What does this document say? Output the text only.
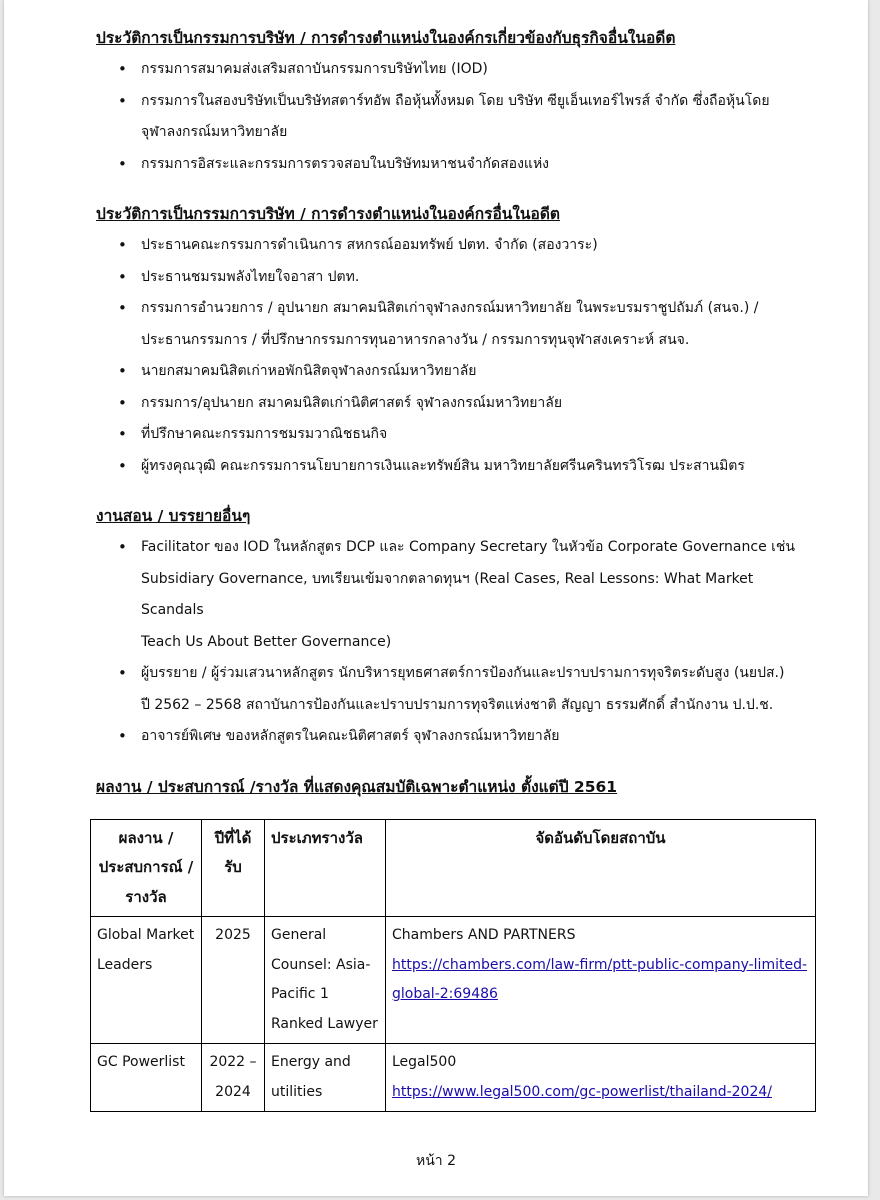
ประวัติการเป็นกรรมการบริษัท / การดำรงตำแหน่งในองค์กรเกี่ยวข้องกับธุรกิจอื่นในอดีต
• กรรมการสมาคมส่งเสริมสถาบันกรรมการบริษัทไทย (IOD)
• กรรมการในสองบริษัทเป็นบริษัทสตาร์ทอัพ ถือหุ้นทั้งหมด โดย บริษัท ซียูเอ็นเทอร์ไพรส์ จำกัด ซึ่งถือหุ้นโดย
จุฬาลงกรณ์มหาวิทยาลัย
• กรรมการอิสระและกรรมการตรวจสอบในบริษัทมหาชนจำกัดสองแห่ง
ประวัติการเป็นกรรมการบริษัท / การดำรงตำแหน่งในองค์กรอื่นในอดีต
• ประธานคณะกรรมการดำเนินการ สหกรณ์ออมทรัพย์ ปตท. จำกัด (สองวาระ)
• ประธานชมรมพลังไทยใจอาสา ปตท.
• กรรมการอำนวยการ / อุปนายก สมาคมนิสิตเก่าจุฬาลงกรณ์มหาวิทยาลัย ในพระบรมราชูปถัมภ์ (สนจ.) /
ประธานกรรมการ / ที่ปรึกษากรรมการทุนอาหารกลางวัน / กรรมการทุนจุฬาสงเคราะห์ สนจ.
• นายกสมาคมนิสิตเก่าหอพักนิสิตจุฬาลงกรณ์มหาวิทยาลัย
• กรรมการ/อุปนายก สมาคมนิสิตเก่านิติศาสตร์ จุฬาลงกรณ์มหาวิทยาลัย
• ที่ปรึกษาคณะกรรมการชมรมวาณิชธนกิจ
• ผู้ทรงคุณวุฒิ คณะกรรมการนโยบายการเงินและทรัพย์สิน มหาวิทยาลัยศรีนครินทรวิโรฒ ประสานมิตร
งานสอน / บรรยายอื่นๆ
• Facilitator ของ IOD ในหลักสูตร DCP และ Company Secretary ในหัวข้อ Corporate Governance เช่น
Subsidiary Governance, บทเรียนเข้มจากตลาดทุนฯ (Real Cases, Real Lessons: What Market Scandals
Teach Us About Better Governance)
• ผู้บรรยาย / ผู้ร่วมเสวนาหลักสูตร นักบริหารยุทธศาสตร์การป้องกันและปราบปรามการทุจริตระดับสูง (นยปส.)
ปี 2562 – 2568 สถาบันการป้องกันและปราบปรามการทุจริตแห่งชาติ สัญญา ธรรมศักดิ์ สำนักงาน ป.ป.ช.
• อาจารย์พิเศษ ของหลักสูตรในคณะนิติศาสตร์ จุฬาลงกรณ์มหาวิทยาลัย
ผลงาน / ประสบการณ์ /รางวัล ที่แสดงคุณสมบัติเฉพาะตำแหน่ง ตั้งแต่ปี 2561
ผลงาน / ประสบการณ์ /รางวัล	ปีที่ได้รับ	ประเภทรางวัล	จัดอันดับโดยสถาบัน
Global Market Leaders	2025	General Counsel: Asia-Pacific 1 Ranked Lawyer	Chambers AND PARTNERS
https://chambers.com/law-firm/ptt-public-company-limited-global-2:69486
GC Powerlist	2022 – 2024	Energy and utilities	Legal500
https://www.legal500.com/gc-powerlist/thailand-2024/
หน้า 2
